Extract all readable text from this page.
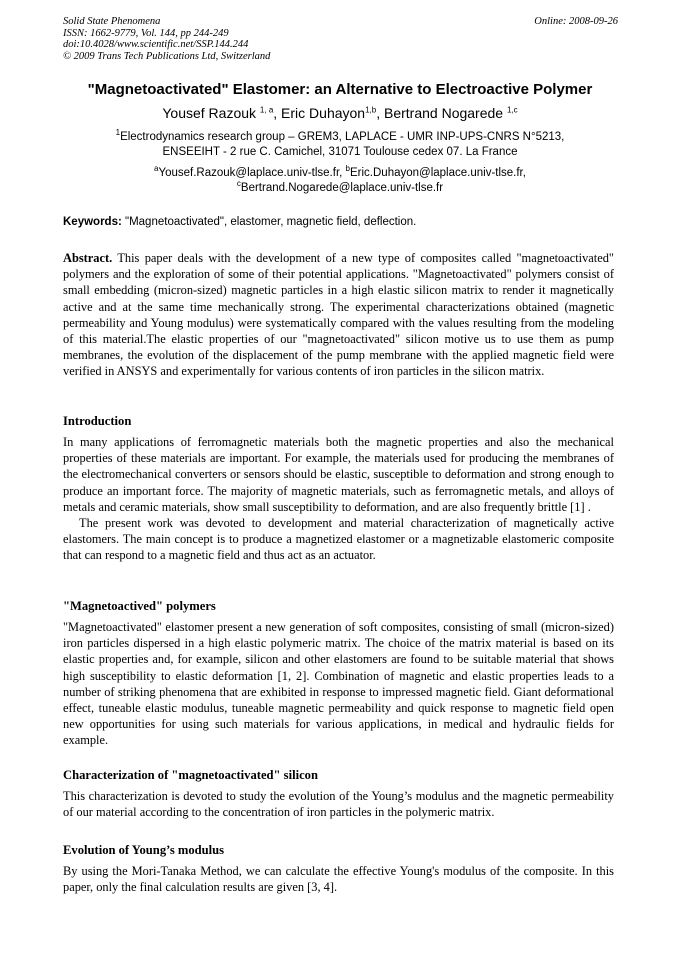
Solid State Phenomena
ISSN: 1662-9779, Vol. 144, pp 244-249
doi:10.4028/www.scientific.net/SSP.144.244
© 2009 Trans Tech Publications Ltd, Switzerland
Online: 2008-09-26
"Magnetoactivated" Elastomer: an Alternative to Electroactive Polymer
Yousef Razouk $^{1, a}$, Eric Duhayon$^{1,b}$, Bertrand Nogarede $^{1,c}$
$^1$Electrodynamics research group – GREM3, LAPLACE - UMR INP-UPS-CNRS N°5213,
ENSEEIHT - 2 rue C. Camichel, 31071 Toulouse cedex 07. La France
$^a$Yousef.Razouk@laplace.univ-tlse.fr, $^b$Eric.Duhayon@laplace.univ-tlse.fr,
$^c$Bertrand.Nogarede@laplace.univ-tlse.fr
Keywords: "Magnetoactivated", elastomer, magnetic field, deflection.

Abstract. This paper deals with the development of a new type of composites called "magnetoactivated" polymers and the exploration of some of their potential applications. "Magnetoactivated" polymers consist of small embedding (micron-sized) magnetic particles in a high elastic silicon matrix to render it magnetically active and at the same time mechanically strong. The experimental characterizations obtained (magnetic permeability and Young modulus) were systematically compared with the values resulting from the modeling of this material.The elastic properties of our "magnetoactivated" silicon motive us to use them as pump membranes, the evolution of the displacement of the pump membrane with the applied magnetic field were verified in ANSYS and experimentally for various contents of iron particles in the silicon matrix.

Introduction

In many applications of ferromagnetic materials both the magnetic properties and also the mechanical properties of these materials are important. For example, the materials used for producing the membranes of the electromechanical converters or sensors should be elastic, susceptible to deformation and strong enough to produce an important force. The majority of magnetic materials, such as ferromagnetic metals, and alloys of metals and ceramic materials, show small susceptibility to deformation, and are also frequently brittle [1] .

The present work was devoted to development and material characterization of magnetically active elastomers. The main concept is to produce a magnetized elastomer or a magnetizable elastomeric composite that can respond to a magnetic field and thus act as an actuator.

"Magnetoactived" polymers

"Magnetoactivated" elastomer present a new generation of soft composites, consisting of small (micron-sized) iron particles dispersed in a high elastic polymeric matrix. The choice of the matrix material is based on its elastic properties and, for example, silicon and other elastomers are found to be suitable material that shows high susceptibility to elastic deformation [1, 2]. Combination of magnetic and elastic properties leads to a number of striking phenomena that are exhibited in response to impressed magnetic field. Giant deformational effect, tuneable elastic modulus, tuneable magnetic permeability and quick response to magnetic field open new opportunities for using such materials for various applications, in medical and hydraulic fields for example.

Characterization of "magnetoactivated" silicon

This characterization is devoted to study the evolution of the Young’s modulus and the magnetic permeability of our material according to the concentration of iron particles in the polymeric matrix.

Evolution of Young’s modulus

By using the Mori-Tanaka Method, we can calculate the effective Young's modulus of the composite. In this paper, only the final calculation results are given [3, 4].
